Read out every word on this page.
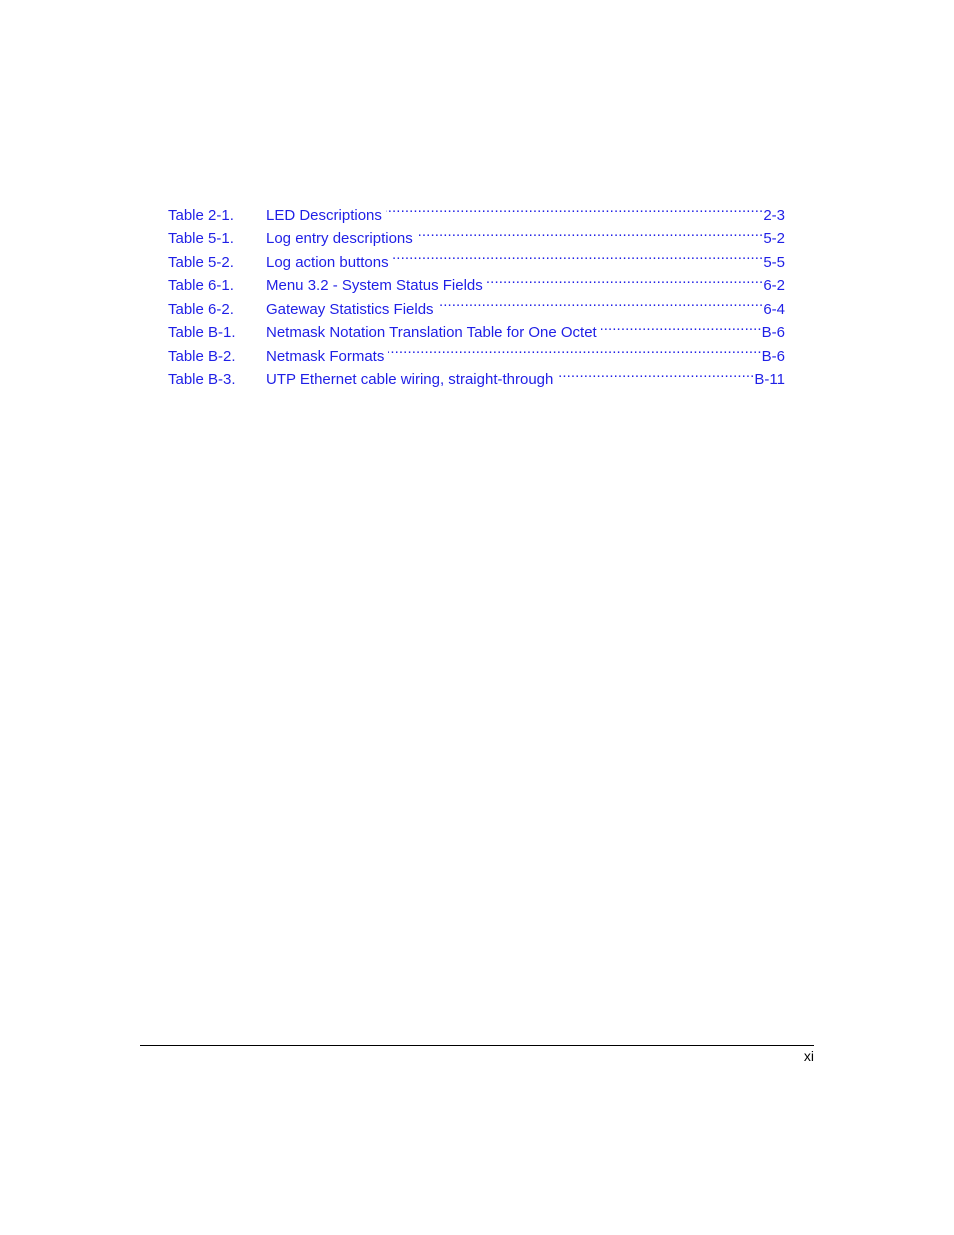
Table 2-1.	LED Descriptions .....	2-3
Table 5-1.	Log entry descriptions .....	5-2
Table 5-2.	Log action buttons .....	5-5
Table 6-1.	Menu 3.2 - System Status Fields .....	6-2
Table 6-2.	Gateway Statistics Fields .....	6-4
Table B-1.	Netmask Notation Translation Table for One Octet .....	B-6
Table B-2.	Netmask Formats .....	B-6
Table B-3.	UTP Ethernet cable wiring, straight-through .....	B-11
xi
